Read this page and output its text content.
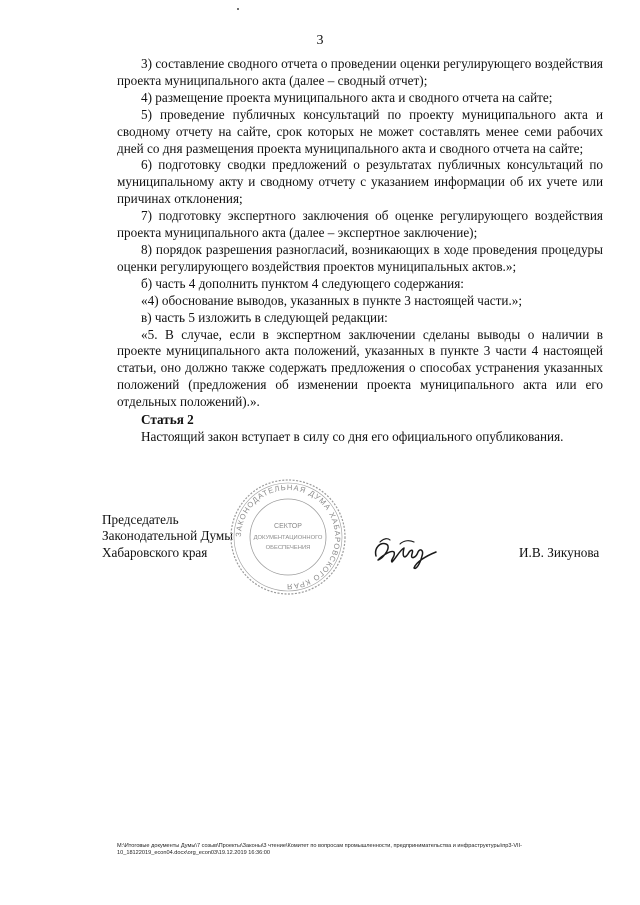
3

3) составление сводного отчета о проведении оценки регулирующего воздействия проекта муниципального акта (далее – сводный отчет);

4) размещение проекта муниципального акта и сводного отчета на сайте;

5) проведение публичных консультаций по проекту муниципального акта и сводному отчету на сайте, срок которых не может составлять менее семи рабочих дней со дня размещения проекта муниципального акта и сводного отчета на сайте;

6) подготовку сводки предложений о результатах публичных консультаций по муниципальному акту и сводному отчету с указанием информации об их учете или причинах отклонения;

7) подготовку экспертного заключения об оценке регулирующего воздействия проекта муниципального акта (далее – экспертное заключение);

8) порядок разрешения разногласий, возникающих в ходе проведения процедуры оценки регулирующего воздействия проектов муниципальных актов.»;

б) часть 4 дополнить пунктом 4 следующего содержания:

«4) обоснование выводов, указанных в пункте 3 настоящей части.»;

в) часть 5 изложить в следующей редакции:

«5. В случае, если в экспертном заключении сделаны выводы о наличии в проекте муниципального акта положений, указанных в пункте 3 части 4 настоящей статьи, оно должно также содержать предложения о способах устранения указанных положений (предложения об изменении проекта муниципального акта или его отдельных положений).».

Статья 2
Настоящий закон вступает в силу со дня его официального опубликования.
Председатель
Законодательной Думы
Хабаровского края
ЗАКОНОДАТЕЛЬНАЯ ДУМА ХАБАРОВСКОГО КРАЯ
СЕКТОР
ДОКУМЕНТАЦИОННОГО
ОБЕСПЕЧЕНИЯ	И.В. Зикунова
M:\Итоговые документы Думы\7 созыв\Проекты\Законы\3 чтение\Комитет по вопросам промышленности, предпринимательства и инфраструктуры\пр3-VII-10_18122019_econ04.docx\org_econ03\19.12.2019 16:36:00
